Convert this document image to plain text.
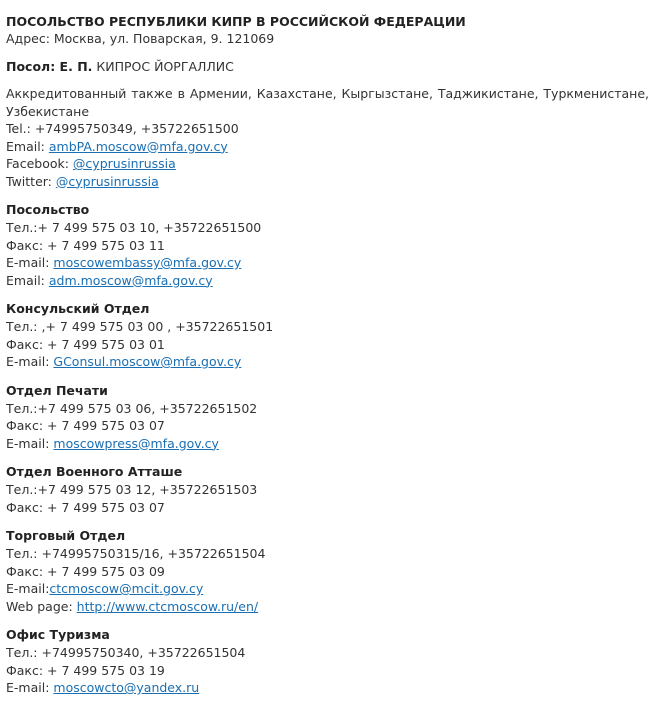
ПОСОЛЬСТВО РЕСПУБЛИКИ КИПР В РОССИЙСКОЙ ФЕДЕРАЦИИ
Адрес: Москва, ул. Поварская, 9. 121069
Посол: Е. П. КИПРОС ЙОРГАЛЛИС
Аккредитованный также в Армении, Казахстане, Кыргызстане, Таджикистане, Туркменистане, Узбекистане
Tel.: +74995750349, +35722651500
Email: ambPA.moscow@mfa.gov.cy
Facebook: @cyprusinrussia
Twitter: @cyprusinrussia
Посольство
Тел.:+ 7 499 575 03 10, +35722651500
Факс: + 7 499 575 03 11
E-mail: moscowembassy@mfa.gov.cy
Email: adm.moscow@mfa.gov.cy
Консульский Отдел
Тел.: ,+ 7 499 575 03 00 , +35722651501
Факс: + 7 499 575 03 01
E-mail: GConsul.moscow@mfa.gov.cy
Отдел Печати
Тел.:+7 499 575 03 06, +35722651502
Факс: + 7 499 575 03 07
E-mail: moscowpress@mfa.gov.cy
Отдел Военного Атташе
Тел.:+7 499 575 03 12, +35722651503
Факс: + 7 499 575 03 07
Торговый Отдел
Тел.: +74995750315/16, +35722651504
Факс: + 7 499 575 03 09
E-mail:ctcmoscow@mcit.gov.cy
Web page: http://www.ctcmoscow.ru/en/
Офис Туризма
Тел.: +74995750340, +35722651504
Факс: + 7 499 575 03 19
E-mail: moscowcto@yandex.ru
